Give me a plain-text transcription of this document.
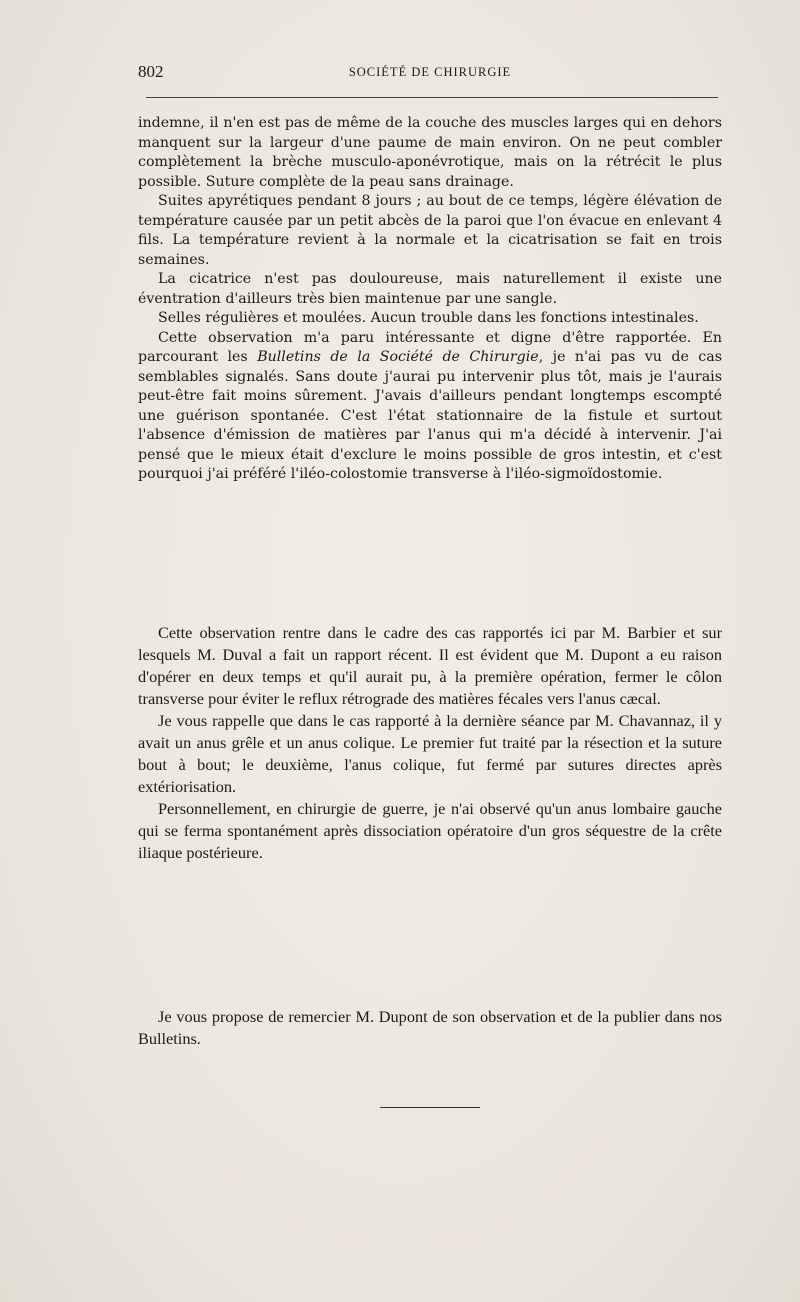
802	SOCIÉTÉ DE CHIRURGIE

indemne, il n'en est pas de même de la couche des muscles larges qui en dehors manquent sur la largeur d'une paume de main environ. On ne peut combler complètement la brèche musculo-aponévrotique, mais on la rétrécit le plus possible. Suture complète de la peau sans drainage.

Suites apyrétiques pendant 8 jours ; au bout de ce temps, légère élévation de température causée par un petit abcès de la paroi que l'on évacue en enlevant 4 fils. La température revient à la normale et la cicatrisation se fait en trois semaines.

La cicatrice n'est pas douloureuse, mais naturellement il existe une éventration d'ailleurs très bien maintenue par une sangle.

Selles régulières et moulées. Aucun trouble dans les fonctions intestinales.

Cette observation m'a paru intéressante et digne d'être rapportée. En parcourant les Bulletins de la Société de Chirurgie, je n'ai pas vu de cas semblables signalés. Sans doute j'aurai pu intervenir plus tôt, mais je l'aurais peut-être fait moins sûrement. J'avais d'ailleurs pendant longtemps escompté une guérison spontanée. C'est l'état stationnaire de la fistule et surtout l'absence d'émission de matières par l'anus qui m'a décidé à intervenir. J'ai pensé que le mieux était d'exclure le moins possible de gros intestin, et c'est pourquoi j'ai préféré l'iléo-colostomie transverse à l'iléo-sigmoïdostomie.

Cette observation rentre dans le cadre des cas rapportés ici par M. Barbier et sur lesquels M. Duval a fait un rapport récent. Il est évident que M. Dupont a eu raison d'opérer en deux temps et qu'il aurait pu, à la première opération, fermer le côlon transverse pour éviter le reflux rétrograde des matières fécales vers l'anus cæcal.

Je vous rappelle que dans le cas rapporté à la dernière séance par M. Chavannaz, il y avait un anus grêle et un anus colique. Le premier fut traité par la résection et la suture bout à bout; le deuxième, l'anus colique, fut fermé par sutures directes après extériorisation.

Personnellement, en chirurgie de guerre, je n'ai observé qu'un anus lombaire gauche qui se ferma spontanément après dissociation opératoire d'un gros séquestre de la crête iliaque postérieure.

Je vous propose de remercier M. Dupont de son observation et de la publier dans nos Bulletins.
